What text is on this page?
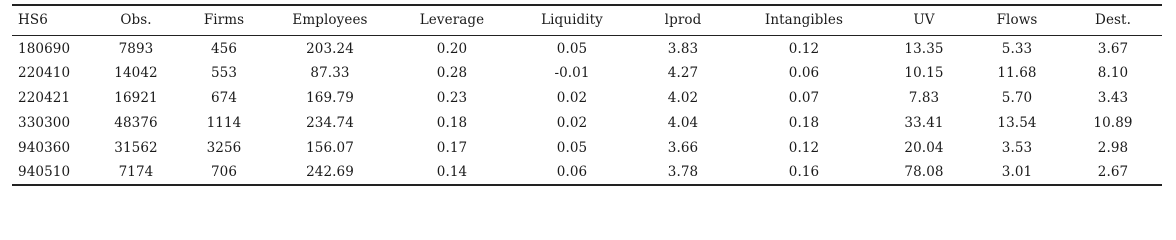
HS6	Obs.	Firms	Employees	Leverage	Liquidity	lprod	Intangibles	UV	Flows	Dest.
180690	7893	456	203.24	0.20	0.05	3.83	0.12	13.35	5.33	3.67
220410	14042	553	87.33	0.28	-0.01	4.27	0.06	10.15	11.68	8.10
220421	16921	674	169.79	0.23	0.02	4.02	0.07	7.83	5.70	3.43
330300	48376	1114	234.74	0.18	0.02	4.04	0.18	33.41	13.54	10.89
940360	31562	3256	156.07	0.17	0.05	3.66	0.12	20.04	3.53	2.98
940510	7174	706	242.69	0.14	0.06	3.78	0.16	78.08	3.01	2.67
